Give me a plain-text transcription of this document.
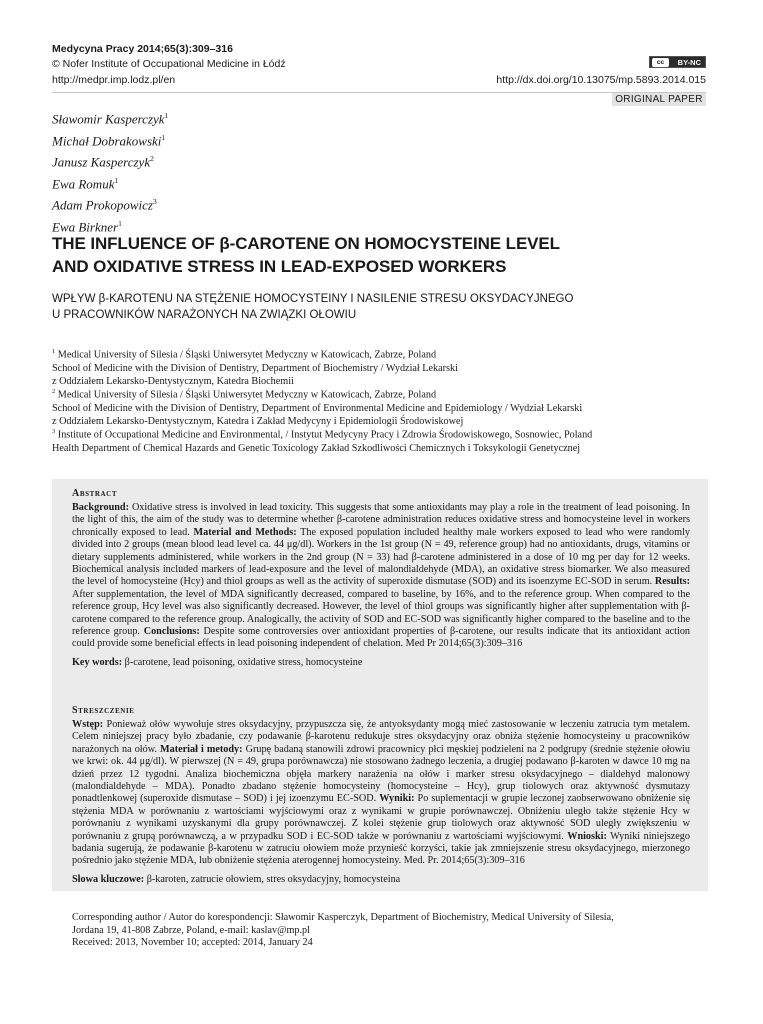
Medycyna Pracy 2014;65(3):309–316
© Nofer Institute of Occupational Medicine in Łódź
http://medpr.imp.lodz.pl/en
cc	BY-NC
http://dx.doi.org/10.13075/mp.5893.2014.015
ORIGINAL PAPER
Sławomir Kasperczyk$^1$
Michał Dobrakowski$^1$
Janusz Kasperczyk$^2$
Ewa Romuk$^1$
Adam Prokopowicz$^3$
Ewa Birkner$^1$
THE INFLUENCE OF β-CAROTENE ON HOMOCYSTEINE LEVEL
AND OXIDATIVE STRESS IN LEAD-EXPOSED WORKERS
WPŁYW β-KAROTENU NA STĘŻENIE HOMOCYSTEINY I NASILENIE STRESU OKSYDACYJNEGO
U PRACOWNIKÓW NARAŻONYCH NA ZWIĄZKI OŁOWIU
$^1$ Medical University of Silesia / Śląski Uniwersytet Medyczny w Katowicach, Zabrze, Poland
School of Medicine with the Division of Dentistry, Department of Biochemistry / Wydział Lekarski
z Oddziałem Lekarsko-Dentystycznym, Katedra Biochemii
$^2$ Medical University of Silesia / Śląski Uniwersytet Medyczny w Katowicach, Zabrze, Poland
School of Medicine with the Division of Dentistry, Department of Environmental Medicine and Epidemiology / Wydział Lekarski
z Oddziałem Lekarsko-Dentystycznym, Katedra i Zakład Medycyny i Epidemiologii Środowiskowej
$^3$ Institute of Occupational Medicine and Environmental, / Instytut Medycyny Pracy i Zdrowia Środowiskowego, Sosnowiec, Poland
Health Department of Chemical Hazards and Genetic Toxicology Zakład Szkodliwości Chemicznych i Toksykologii Genetycznej
Abstract
Background: Oxidative stress is involved in lead toxicity. This suggests that some antioxidants may play a role in the treatment of lead poisoning. In the light of this, the aim of the study was to determine whether β-carotene administration reduces oxidative stress and homocysteine level in workers chronically exposed to lead. Material and Methods: The exposed population included healthy male workers exposed to lead who were randomly divided into 2 groups (mean blood lead level ca. 44 μg/dl). Workers in the 1st group (N = 49, reference group) had no antioxidants, drugs, vitamins or dietary supplements administered, while workers in the 2nd group (N = 33) had β-carotene administered in a dose of 10 mg per day for 12 weeks. Biochemical analysis included markers of lead-exposure and the level of malondialdehyde (MDA), an oxidative stress biomarker. We also measured the level of homocysteine (Hcy) and thiol groups as well as the activity of superoxide dismutase (SOD) and its isoenzyme EC-SOD in serum. Results: After supplementation, the level of MDA significantly decreased, compared to baseline, by 16%, and to the reference group. When compared to the reference group, Hcy level was also significantly decreased. However, the level of thiol groups was significantly higher after supplementation with β-carotene compared to the reference group. Analogically, the activity of SOD and EC-SOD was significantly higher compared to the baseline and to the reference group. Conclusions: Despite some controversies over antioxidant properties of β-carotene, our results indicate that its antioxidant action could provide some beneficial effects in lead poisoning independent of chelation. Med Pr 2014;65(3):309–316
Key words: β-carotene, lead poisoning, oxidative stress, homocysteine
Streszczenie
Wstęp: Ponieważ ołów wywołuje stres oksydacyjny, przypuszcza się, że antyoksydanty mogą mieć zastosowanie w leczeniu zatrucia tym metalem. Celem niniejszej pracy było zbadanie, czy podawanie β-karotenu redukuje stres oksydacyjny oraz obniża stężenie homocysteiny u pracowników narażonych na ołów. Materiał i metody: Grupę badaną stanowili zdrowi pracownicy płci męskiej podzieleni na 2 podgrupy (średnie stężenie ołowiu we krwi: ok. 44 μg/dl). W pierwszej (N = 49, grupa porównawcza) nie stosowano żadnego leczenia, a drugiej podawano β-karoten w dawce 10 mg na dzień przez 12 tygodni. Analiza biochemiczna objęła markery narażenia na ołów i marker stresu oksydacyjnego – dialdehyd malonowy (malondialdehyde – MDA). Ponadto zbadano stężenie homocysteiny (homocysteine – Hcy), grup tiolowych oraz aktywność dysmutazy ponadtlenkowej (superoxide dismutase – SOD) i jej izoenzymu EC-SOD. Wyniki: Po suplementacji w grupie leczonej zaobserwowano obniżenie się stężenia MDA w porównaniu z wartościami wyjściowymi oraz z wynikami w grupie porównawczej. Obniżeniu uległo także stężenie Hcy w porównaniu z wynikami uzyskanymi dla grupy porównawczej. Z kolei stężenie grup tiolowych oraz aktywność SOD uległy zwiększeniu w porównaniu z grupą porównawczą, a w przypadku SOD i EC-SOD także w porównaniu z wartościami wyjściowymi. Wnioski: Wyniki niniejszego badania sugerują, że podawanie β-karotenu w zatruciu ołowiem może przynieść korzyści, takie jak zmniejszenie stresu oksydacyjnego, mierzonego pośrednio jako stężenie MDA, lub obniżenie stężenia aterogennej homocysteiny. Med. Pr. 2014;65(3):309–316
Słowa kluczowe: β-karoten, zatrucie ołowiem, stres oksydacyjny, homocysteina
Corresponding author / Autor do korespondencji: Sławomir Kasperczyk, Department of Biochemistry, Medical University of Silesia,
Jordana 19, 41-808 Zabrze, Poland, e-mail: kaslav@mp.pl
Received: 2013, November 10; accepted: 2014, January 24
